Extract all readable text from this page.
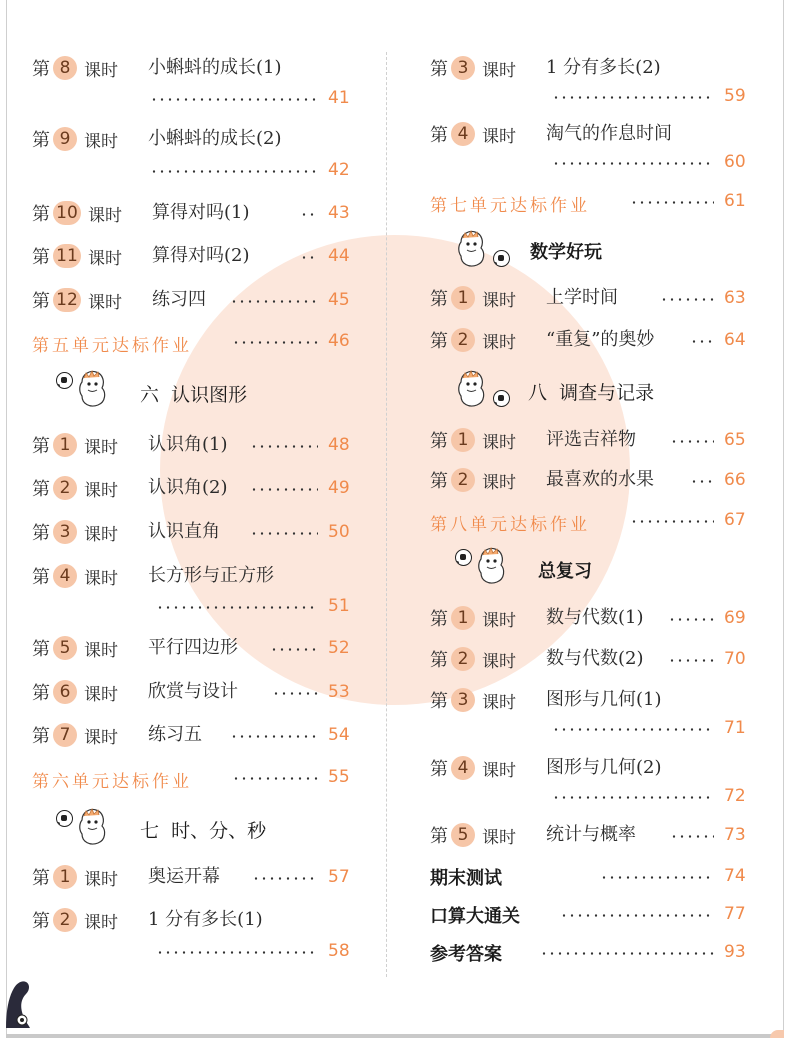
第 8 课时 小蝌蚪的成长(1)
41
第 9 课时 小蝌蚪的成长(2)
42
第 10 课时 算得对吗(1)	43
第 11 课时 算得对吗(2)	44
第 12 课时 练习四	45
第五单元达标作业	46
六  认识图形
第 1 课时 认识角(1)	48
第 2 课时 认识角(2)	49
第 3 课时 认识直角	50
第 4 课时 长方形与正方形
51
第 5 课时 平行四边形	52
第 6 课时 欣赏与设计	53
第 7 课时 练习五	54
第六单元达标作业	55
七  时、分、秒
第 1 课时 奥运开幕	57
第 2 课时 1 分有多长(1)
58
第 3 课时 1 分有多长(2)
59
第 4 课时 淘气的作息时间
60
第七单元达标作业	61
数学好玩
第 1 课时 上学时间	63
第 2 课时 “重复”的奥妙	64
八  调查与记录
第 1 课时 评选吉祥物	65
第 2 课时 最喜欢的水果	66
第八单元达标作业	67
总复习
第 1 课时 数与代数(1)	69
第 2 课时 数与代数(2)	70
第 3 课时 图形与几何(1)
71
第 4 课时 图形与几何(2)
72
第 5 课时 统计与概率	73
期末测试	74
口算大通关	77
参考答案	93
